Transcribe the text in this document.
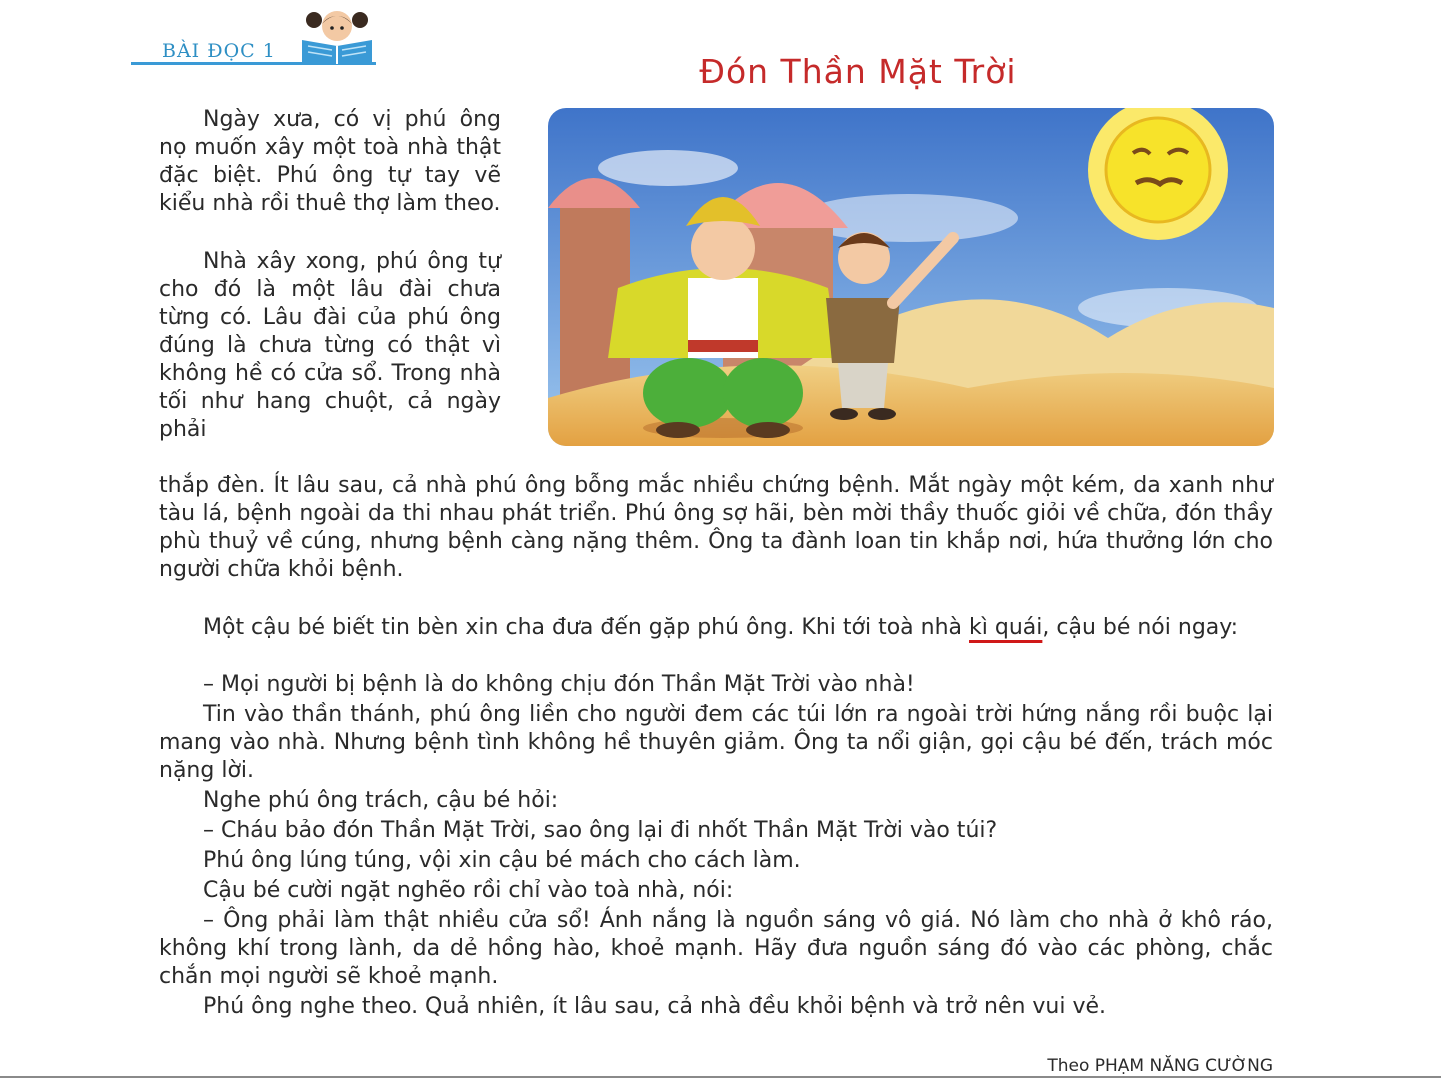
BÀI ĐỌC 1
Đón Thần Mặt Trời

Ngày xưa, có vị phú ông nọ muốn xây một toà nhà thật đặc biệt. Phú ông tự tay vẽ kiểu nhà rồi thuê thợ làm theo.

Nhà xây xong, phú ông tự cho đó là một lâu đài chưa từng có. Lâu đài của phú ông đúng là chưa từng có thật vì không hề có cửa sổ. Trong nhà tối như hang chuột, cả ngày phải

thắp đèn. Ít lâu sau, cả nhà phú ông bỗng mắc nhiều chứng bệnh. Mắt ngày một kém, da xanh như tàu lá, bệnh ngoài da thi nhau phát triển. Phú ông sợ hãi, bèn mời thầy thuốc giỏi về chữa, đón thầy phù thuỷ về cúng, nhưng bệnh càng nặng thêm. Ông ta đành loan tin khắp nơi, hứa thưởng lớn cho người chữa khỏi bệnh.

Một cậu bé biết tin bèn xin cha đưa đến gặp phú ông. Khi tới toà nhà kì quái, cậu bé nói ngay:

– Mọi người bị bệnh là do không chịu đón Thần Mặt Trời vào nhà!

Tin vào thần thánh, phú ông liền cho người đem các túi lớn ra ngoài trời hứng nắng rồi buộc lại mang vào nhà. Nhưng bệnh tình không hề thuyên giảm. Ông ta nổi giận, gọi cậu bé đến, trách móc nặng lời.

Nghe phú ông trách, cậu bé hỏi:

– Cháu bảo đón Thần Mặt Trời, sao ông lại đi nhốt Thần Mặt Trời vào túi?

Phú ông lúng túng, vội xin cậu bé mách cho cách làm.

Cậu bé cười ngặt nghẽo rồi chỉ vào toà nhà, nói:

– Ông phải làm thật nhiều cửa sổ! Ánh nắng là nguồn sáng vô giá. Nó làm cho nhà ở khô ráo, không khí trong lành, da dẻ hồng hào, khoẻ mạnh. Hãy đưa nguồn sáng đó vào các phòng, chắc chắn mọi người sẽ khoẻ mạnh.

Phú ông nghe theo. Quả nhiên, ít lâu sau, cả nhà đều khỏi bệnh và trở nên vui vẻ.

Theo PHẠM NĂNG CƯỜNG
